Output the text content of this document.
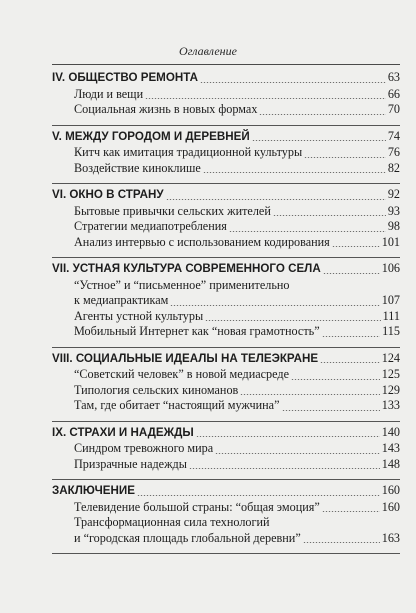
Оглавление
IV. ОБЩЕСТВО РЕМОНТА	63
Люди и вещи	66
Социальная жизнь в новых формах	70
V. МЕЖДУ ГОРОДОМ И ДЕРЕВНЕЙ	74
Китч как имитация традиционной культуры	76
Воздействие киноклише	82
VI. ОКНО В СТРАНУ	92
Бытовые привычки сельских жителей	93
Стратегии медиапотребления	98
Анализ интервью с использованием кодирования	101
VII. УСТНАЯ КУЛЬТУРА СОВРЕМЕННОГО СЕЛА	106
“Устное” и “письменное” применительно
к медиапрактикам	107
Агенты устной культуры	111
Мобильный Интернет как “новая грамотность”	115
VIII. СОЦИАЛЬНЫЕ ИДЕАЛЫ НА ТЕЛЕЭКРАНЕ	124
“Советский человек” в новой медиасреде	125
Типология сельских киноманов	129
Там, где обитает “настоящий мужчина”	133
IX. СТРАХИ И НАДЕЖДЫ	140
Синдром тревожного мира	143
Призрачные надежды	148
ЗАКЛЮЧЕНИЕ	160
Телевидение большой страны: “общая эмоция”	160
Трансформационная сила технологий
и “городская площадь глобальной деревни”	163
